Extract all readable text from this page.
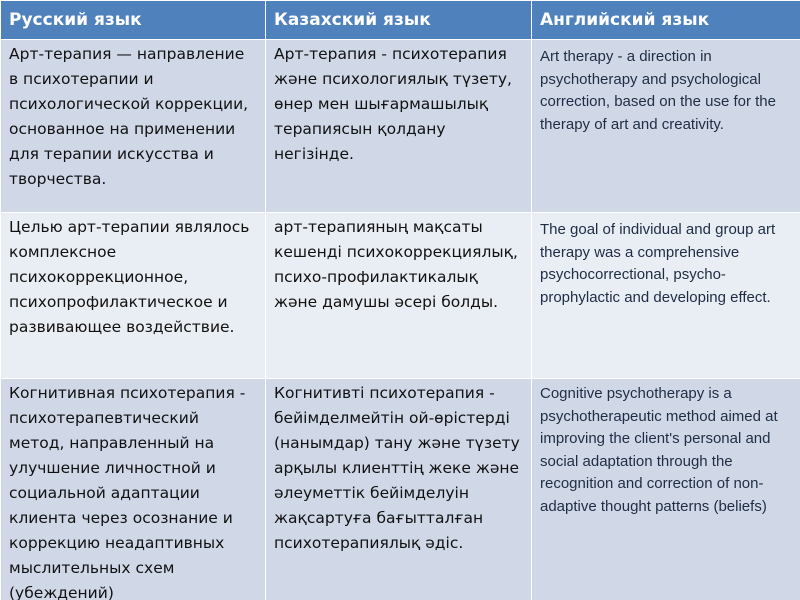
Русский язык	Казахский язык	Английский язык
Арт-терапия — направление в психотерапии и психологической коррекции, основанное на применении для терапии искусства и творчества.	Арт-терапия - психотерапия және психологиялық түзету, өнер мен шығармашылық терапиясын қолдану негізінде.	Art therapy - a direction in psychotherapy and psychological correction, based on the use for the therapy of art and creativity.
Целью арт-терапии являлось комплексное психокоррекционное, психопрофилактическое и развивающее воздействие.	арт-терапияның мақсаты кешенді психокоррекциялық, психо-профилактикалық және дамушы әсері болды.	The goal of individual and group art therapy was a comprehensive psychocorrectional, psycho-prophylactic and developing effect.
Когнитивная психотерапия - психотерапевтический метод, направленный на улучшение личностной и социальной адаптации клиента через осознание и коррекцию неадаптивных мыслительных схем (убеждений)	Когнитивті психотерапия - бейімделмейтін ой-өрістерді (нанымдар) тану және түзету арқылы клиенттің жеке және әлеуметтік бейімделуін жақсартуға бағытталған психотерапиялық әдіс.	Cognitive psychotherapy is a psychotherapeutic method aimed at improving the client's personal and social adaptation through the recognition and correction of non-adaptive thought patterns (beliefs)
